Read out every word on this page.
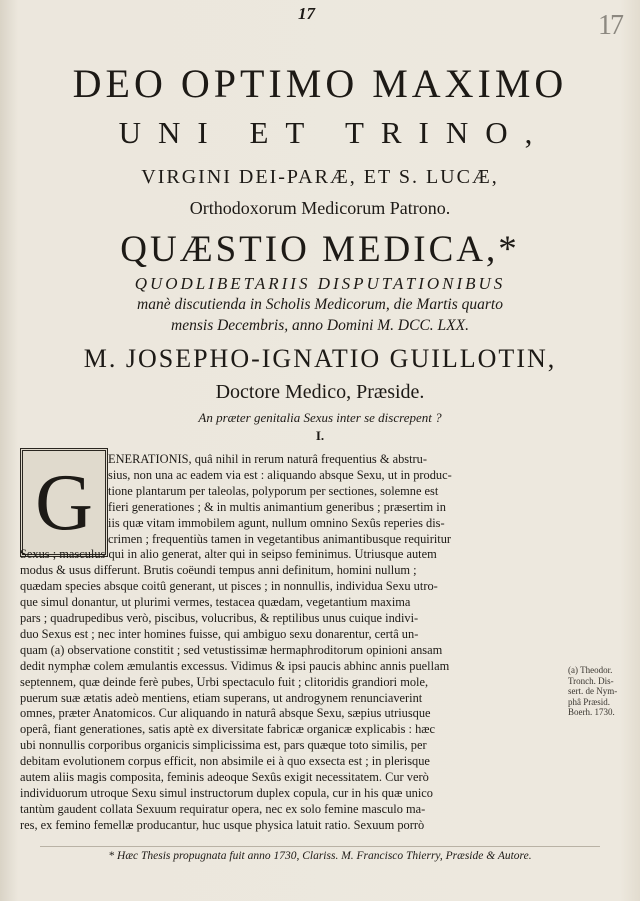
17	17
DEO OPTIMO MAXIMO
UNI ET TRINO,
VIRGINI DEI-PARÆ, ET S. LUCÆ,
Orthodoxorum Medicorum Patrono.
QUÆSTIO MEDICA,*
QUODLIBETARIIS DISPUTATIONIBUS
manè discutienda in Scholis Medicorum, die Martis quarto
mensis Decembris, anno Domini M. DCC. LXX.
M. JOSEPHO-IGNATIO GUILLOTIN,
Doctore Medico, Præside.
An præter genitalia Sexus inter se discrepent ?
I.
G	ENERATIONIS, quâ nihil in rerum naturâ frequentius & abstru-
sius, non una ac eadem via est : aliquando absque Sexu, ut in produc-
tione plantarum per taleolas, polyporum per sectiones, solemne est
fieri generationes ; & in multis animantium generibus ; præsertim in
iis quæ vitam immobilem agunt, nullum omnino Sexûs reperies dis-
crimen ; frequentiùs tamen in vegetantibus animantibusque requiritur
Sexus ; masculus qui in alio generat, alter qui in seipso feminimus. Utriusque autem
modus & usus differunt. Brutis coëundi tempus anni definitum, homini nullum ;
quædam species absque coitû generant, ut pisces ; in nonnullis, individua Sexu utro-
que simul donantur, ut plurimi vermes, testacea quædam, vegetantium maxima
pars ; quadrupedibus verò, piscibus, volucribus, & reptilibus unus cuique indivi-
duo Sexus est ; nec inter homines fuisse, qui ambiguo sexu donarentur, certâ un-
quam (a) observatione constitit ; sed vetustissimæ hermaphroditorum opinioni ansam
dedit nymphæ colem æmulantis excessus. Vidimus & ipsi paucis abhinc annis puellam
septennem, quæ deinde ferè pubes, Urbi spectaculo fuit ; clitoridis grandiori mole,
puerum suæ ætatis adeò mentiens, etiam superans, ut androgynem renunciaverint
omnes, præter Anatomicos. Cur aliquando in naturâ absque Sexu, sæpius utriusque
operâ, fiant generationes, satis aptè ex diversitate fabricæ organicæ explicabis : hæc
ubi nonnullis corporibus organicis simplicissima est, pars quæque toto similis, per
debitam evolutionem corpus efficit, non absimile ei à quo exsecta est ; in plerisque
autem aliis magis composita, feminis adeoque Sexûs exigit necessitatem. Cur verò
individuorum utroque Sexu simul instructorum duplex copula, cur in his quæ unico
tantùm gaudent collata Sexuum requiratur opera, nec ex solo femine masculo ma-
res, ex femino femellæ producantur, huc usque physica latuit ratio. Sexuum porrò
(a) Theodor.
Tronch. Dis-
sert. de Nym-
phâ Præsid.
Boerh. 1730.
* Hæc Thesis propugnata fuit anno 1730, Clariss. M. Francisco Thierry, Præside & Autore.
